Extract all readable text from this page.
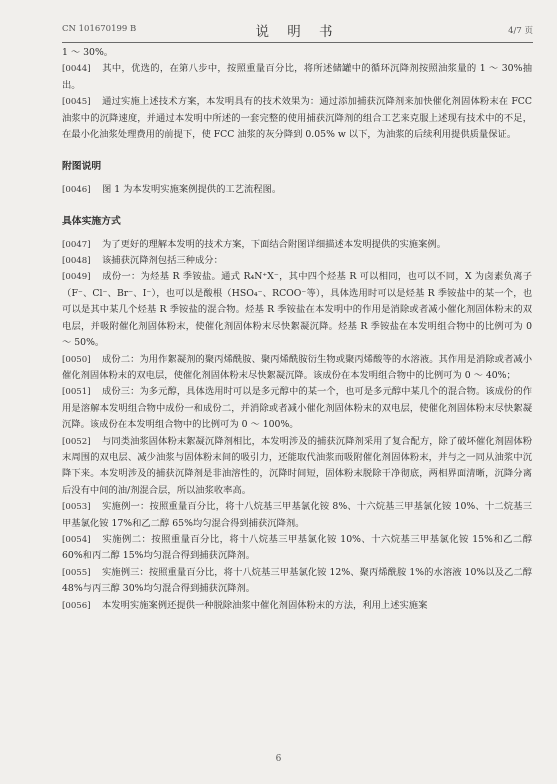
CN 101670199 B	说 明 书	4/7 页

1 ～ 30%。

[0044] 其中，优选的，在第八步中，按照重量百分比，将所述储罐中的循环沉降剂按照油浆量的 1 ～ 30%抽出。

[0045] 通过实施上述技术方案，本发明具有的技术效果为：通过添加捕获沉降剂来加快催化剂固体粉末在 FCC 油浆中的沉降速度，并通过本发明中所述的一套完整的使用捕获沉降剂的组合工艺来克服上述现有技术中的不足，在最小化油浆处理费用的前提下，使 FCC 油浆的灰分降到 0.05% w 以下，为油浆的后续利用提供质量保证。

附图说明

[0046] 图 1 为本发明实施案例提供的工艺流程图。

具体实施方式

[0047] 为了更好的理解本发明的技术方案，下面结合附图详细描述本发明提供的实施案例。

[0048] 该捕获沉降剂包括三种成分：

[0049] 成份一：为烃基 R 季铵盐。通式 R₄N⁺X⁻，其中四个烃基 R 可以相同，也可以不同，X 为卤素负离子（F⁻、Cl⁻、Br⁻、I⁻），也可以是酸根（HSO₄⁻、RCOO⁻等），具体选用时可以是烃基 R 季铵盐中的某一个，也可以是其中某几个烃基 R 季铵盐的混合物。烃基 R 季铵盐在本发明中的作用是消除或者减小催化剂固体粉末的双电层，并吸附催化剂固体粉末，使催化剂固体粉末尽快絮凝沉降。烃基 R 季铵盐在本发明组合物中的比例可为 0 ～ 50%。

[0050] 成份二：为用作絮凝剂的聚丙烯酰胺、聚丙烯酰胺衍生物或聚丙烯酸等的水溶液。其作用是消除或者减小催化剂固体粉末的双电层，使催化剂固体粉末尽快絮凝沉降。该成份在本发明组合物中的比例可为 0 ～ 40%；

[0051] 成份三：为多元醇，具体选用时可以是多元醇中的某一个，也可是多元醇中某几个的混合物。该成份的作用是溶解本发明组合物中成份一和成份二，并消除或者减小催化剂固体粉末的双电层，使催化剂固体粉末尽快絮凝沉降。该成份在本发明组合物中的比例可为 0 ～ 100%。

[0052] 与同类油浆固体粉末絮凝沉降剂相比，本发明涉及的捕获沉降剂采用了复合配方，除了破坏催化剂固体粉末周围的双电层、减少油浆与固体粉末间的吸引力，还能取代油浆而吸附催化剂固体粉末，并与之一同从油浆中沉降下来。本发明涉及的捕获沉降剂是非油溶性的，沉降时间短，固体粉末脱除干净彻底，两相界面清晰，沉降分离后没有中间的油/剂混合层，所以油浆收率高。

[0053] 实施例一：按照重量百分比，将十八烷基三甲基氯化铵 8%、十六烷基三甲基氯化铵 10%、十二烷基三甲基氯化铵 17%和乙二醇 65%均匀混合得到捕获沉降剂。

[0054] 实施例二：按照重量百分比，将十八烷基三甲基氯化铵 10%、十六烷基三甲基氯化铵 15%和乙二醇 60%和丙二醇 15%均匀混合得到捕获沉降剂。

[0055] 实施例三：按照重量百分比，将十八烷基三甲基氯化铵 12%、聚丙烯酰胺 1%的水溶液 10%以及乙二醇 48%与丙三醇 30%均匀混合得到捕获沉降剂。

[0056] 本发明实施案例还提供一种脱除油浆中催化剂固体粉末的方法，利用上述实施案

6
